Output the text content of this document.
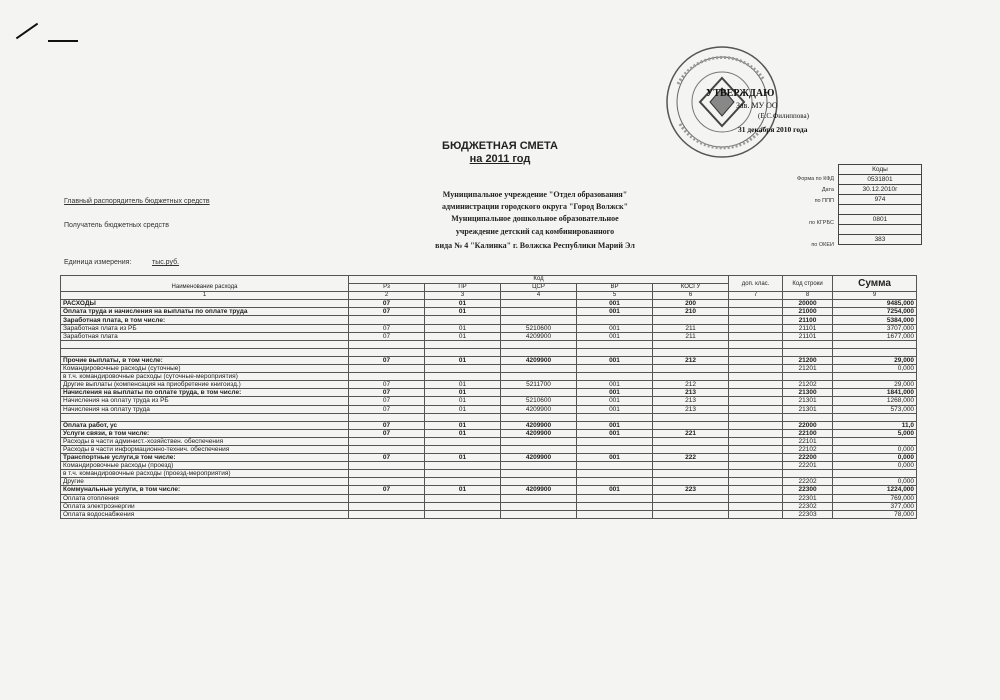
УТВЕРЖДАЮ
Зав. МУ ОО
(Е.С.Филиппова)
31 декабря 2010 года
БЮДЖЕТНАЯ СМЕТА
на 2011 год
Главный распорядитель бюджетных средств
Получатель бюджетных средств
Единица измерения:	тыс.руб.
Муниципальное учреждение "Отдел образования"
администрации городского округа "Город Волжск"
Муниципальное дошкольное образовательное
учреждение детский сад комбинированного
вида № 4 "Калинка" г. Волжска Республики Марий Эл
Форма по КФД
Дата
по ППП
по КГРБС
по ОКЕИ
Коды
0531801
30.12.2010г
974

0801

383
Наименование расхода	Код					доп. клас.	Код строки	Сумма
	Рз	ПР	ЦСР	ВР	КОСГУ			
1	2	3	4	5	6	7	8	9
РАСХОДЫ	07	01		001	200		20000	9485,000
Оплата труда и начисления на выплаты по оплате труда	07	01		001	210		21000	7254,000
Заработная плата, в том числе:							21100	5384,000
Заработная плата из РБ	07	01	5210600	001	211		21101	3707,000
Заработная плата	07	01	4209900	001	211		21101	1677,000

Прочие выплаты, в том числе:	07	01	4209900	001	212		21200	29,000
Командировочные расходы (суточные)							21201	0,000
в т.ч. командировочные расходы (суточные-мероприятия)								
Другие выплаты (компенсация на приобретение книгоизд.)	07	01	5211700	001	212		21202	29,000
Начисления на выплаты по оплате труда, в том числе:	07	01		001	213		21300	1841,000
Начисления на оплату труда из РБ	07	01	5210600	001	213		21301	1268,000
Начисления на оплату труда	07	01	4209900	001	213		21301	573,000

Оплата работ, ус	07	01	4209900	001			22000	11,0
Услуги связи, в том числе:	07	01	4209900	001	221		22100	5,000
Расходы в части админист.-хозяйствен. обеспечения							22101	
Расходы в части информационно-технич. обеспечения							22102	0,000
Транспортные услуги,в том числе:	07	01	4209900	001	222		22200	0,000
Командировочные расходы (проезд)							22201	0,000
в т.ч. командировочные расходы (проезд-мероприятия)								
Другие							22202	0,000
Коммунальные услуги, в том числе:	07	01	4209900	001	223		22300	1224,000
Оплата отопления							22301	769,000
Оплата электроэнергии							22302	377,000
Оплата водоснабжения							22303	78,000
